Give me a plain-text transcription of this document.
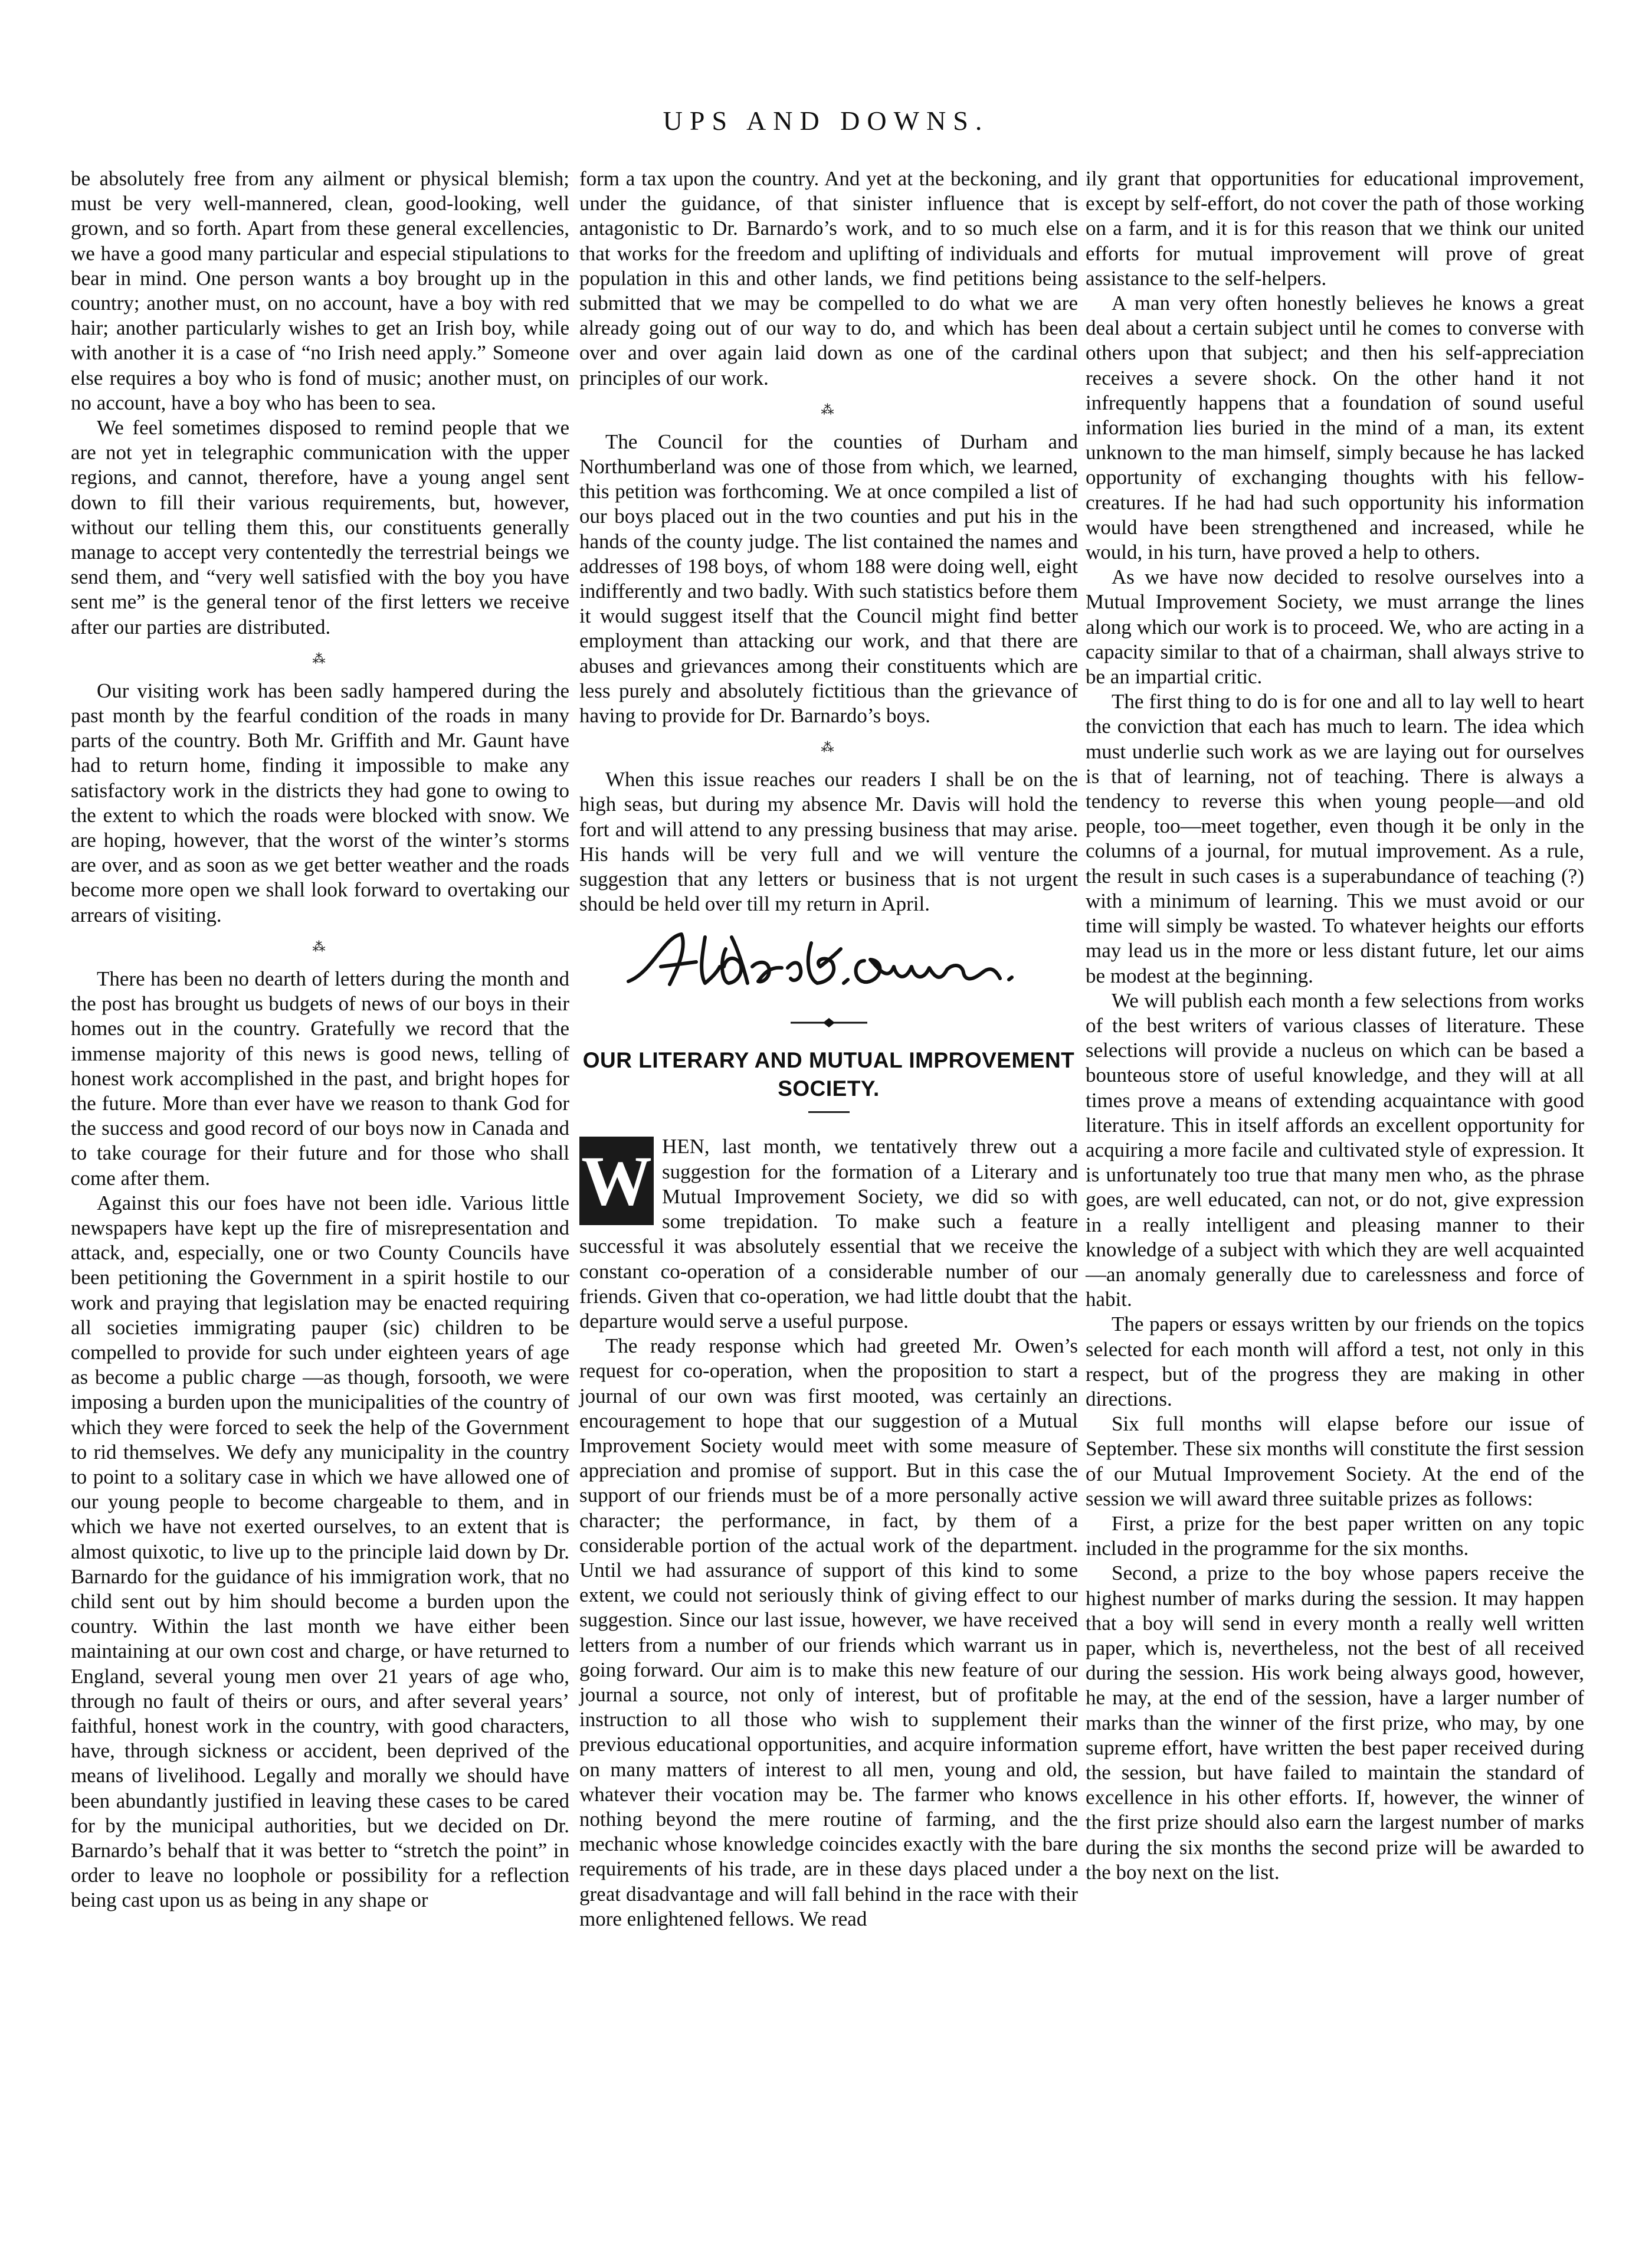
UPS AND DOWNS.

be absolutely free from any ailment or physical blemish; must be very well-mannered, clean, good-looking, well grown, and so forth. Apart from these general excellencies, we have a good many particular and especial stipulations to bear in mind. One person wants a boy brought up in the country; another must, on no account, have a boy with red hair; another particularly wishes to get an Irish boy, while with another it is a case of “no Irish need apply.” Someone else requires a boy who is fond of music; another must, on no account, have a boy who has been to sea.

We feel sometimes disposed to remind people that we are not yet in telegraphic communication with the upper regions, and cannot, therefore, have a young angel sent down to fill their various requirements, but, however, without our telling them this, our constituents generally manage to accept very contentedly the terrestrial beings we send them, and “very well satisfied with the boy you have sent me” is the general tenor of the first letters we receive after our parties are distributed.

⁂

Our visiting work has been sadly hampered during the past month by the fearful condition of the roads in many parts of the country. Both Mr. Griffith and Mr. Gaunt have had to return home, finding it impossible to make any satisfactory work in the districts they had gone to owing to the extent to which the roads were blocked with snow. We are hoping, however, that the worst of the winter’s storms are over, and as soon as we get better weather and the roads become more open we shall look forward to overtaking our arrears of visiting.

⁂

There has been no dearth of letters during the month and the post has brought us budgets of news of our boys in their homes out in the country. Gratefully we record that the immense majority of this news is good news, telling of honest work accomplished in the past, and bright hopes for the future. More than ever have we reason to thank God for the success and good record of our boys now in Canada and to take courage for their future and for those who shall come after them.

Against this our foes have not been idle. Various little newspapers have kept up the fire of misrepresentation and attack, and, especially, one or two County Councils have been petitioning the Government in a spirit hostile to our work and praying that legislation may be enacted requiring all societies immigrating pauper (sic) children to be compelled to provide for such under eighteen years of age as become a public charge —as though, forsooth, we were imposing a burden upon the municipalities of the country of which they were forced to seek the help of the Government to rid themselves. We defy any municipality in the country to point to a solitary case in which we have allowed one of our young people to become chargeable to them, and in which we have not exerted ourselves, to an extent that is almost quixotic, to live up to the principle laid down by Dr. Barnardo for the guidance of his immigration work, that no child sent out by him should become a burden upon the country. Within the last month we have either been maintaining at our own cost and charge, or have returned to England, several young men over 21 years of age who, through no fault of theirs or ours, and after several years’ faithful, honest work in the country, with good characters, have, through sickness or accident, been deprived of the means of livelihood. Legally and morally we should have been abundantly justified in leaving these cases to be cared for by the municipal authorities, but we decided on Dr. Barnardo’s behalf that it was better to “stretch the point” in order to leave no loophole or possibility for a reflection being cast upon us as being in any shape or

form a tax upon the country. And yet at the beckoning, and under the guidance, of that sinister influence that is antagonistic to Dr. Barnardo’s work, and to so much else that works for the freedom and uplifting of individuals and population in this and other lands, we find petitions being submitted that we may be compelled to do what we are already going out of our way to do, and which has been over and over again laid down as one of the cardinal principles of our work.

⁂

The Council for the counties of Durham and Northumberland was one of those from which, we learned, this petition was forthcoming. We at once compiled a list of our boys placed out in the two counties and put his in the hands of the county judge. The list contained the names and addresses of 198 boys, of whom 188 were doing well, eight indifferently and two badly. With such statistics before them it would suggest itself that the Council might find better employment than attacking our work, and that there are abuses and grievances among their constituents which are less purely and absolutely fictitious than the grievance of having to provide for Dr. Barnardo’s boys.

⁂

When this issue reaches our readers I shall be on the high seas, but during my absence Mr. Davis will hold the fort and will attend to any pressing business that may arise. His hands will be very full and we will venture the suggestion that any letters or business that is not urgent should be held over till my return in April.

OUR LITERARY AND MUTUAL IMPROVEMENT SOCIETY.
W HEN, last month, we tentatively threw out a suggestion for the formation of a Literary and Mutual Improvement Society, we did so with some trepidation. To make such a feature successful it was absolutely essential that we receive the constant co-operation of a considerable number of our friends. Given that co-operation, we had little doubt that the departure would serve a useful purpose.

The ready response which had greeted Mr. Owen’s request for co-operation, when the proposition to start a journal of our own was first mooted, was certainly an encouragement to hope that our suggestion of a Mutual Improvement Society would meet with some measure of appreciation and promise of support. But in this case the support of our friends must be of a more personally active character; the performance, in fact, by them of a considerable portion of the actual work of the department. Until we had assurance of support of this kind to some extent, we could not seriously think of giving effect to our suggestion. Since our last issue, however, we have received letters from a number of our friends which warrant us in going forward. Our aim is to make this new feature of our journal a source, not only of interest, but of profitable instruction to all those who wish to supplement their previous educational opportunities, and acquire information on many matters of interest to all men, young and old, whatever their vocation may be. The farmer who knows nothing beyond the mere routine of farming, and the mechanic whose knowledge coincides exactly with the bare requirements of his trade, are in these days placed under a great disadvantage and will fall behind in the race with their more enlightened fellows. We read

ily grant that opportunities for educational improvement, except by self-effort, do not cover the path of those working on a farm, and it is for this reason that we think our united efforts for mutual improvement will prove of great assistance to the self-helpers.

A man very often honestly believes he knows a great deal about a certain subject until he comes to converse with others upon that subject; and then his self-appreciation receives a severe shock. On the other hand it not infrequently happens that a foundation of sound useful information lies buried in the mind of a man, its extent unknown to the man himself, simply because he has lacked opportunity of exchanging thoughts with his fellow-creatures. If he had had such opportunity his information would have been strengthened and increased, while he would, in his turn, have proved a help to others.

As we have now decided to resolve ourselves into a Mutual Improvement Society, we must arrange the lines along which our work is to proceed. We, who are acting in a capacity similar to that of a chairman, shall always strive to be an impartial critic.

The first thing to do is for one and all to lay well to heart the conviction that each has much to learn. The idea which must underlie such work as we are laying out for ourselves is that of learning, not of teaching. There is always a tendency to reverse this when young people—and old people, too—meet together, even though it be only in the columns of a journal, for mutual improvement. As a rule, the result in such cases is a superabundance of teaching (?) with a minimum of learning. This we must avoid or our time will simply be wasted. To whatever heights our efforts may lead us in the more or less distant future, let our aims be modest at the beginning.

We will publish each month a few selections from works of the best writers of various classes of literature. These selections will provide a nucleus on which can be based a bounteous store of useful knowledge, and they will at all times prove a means of extending acquaintance with good literature. This in itself affords an excellent opportunity for acquiring a more facile and cultivated style of expression. It is unfortunately too true that many men who, as the phrase goes, are well educated, can not, or do not, give expression in a really intelligent and pleasing manner to their knowledge of a subject with which they are well acquainted—an anomaly generally due to carelessness and force of habit.

The papers or essays written by our friends on the topics selected for each month will afford a test, not only in this respect, but of the progress they are making in other directions.

Six full months will elapse before our issue of September. These six months will constitute the first session of our Mutual Improvement Society. At the end of the session we will award three suitable prizes as follows:

First, a prize for the best paper written on any topic included in the programme for the six months.

Second, a prize to the boy whose papers receive the highest number of marks during the session. It may happen that a boy will send in every month a really well written paper, which is, nevertheless, not the best of all received during the session. His work being always good, however, he may, at the end of the session, have a larger number of marks than the winner of the first prize, who may, by one supreme effort, have written the best paper received during the session, but have failed to maintain the standard of excellence in his other efforts. If, however, the winner of the first prize should also earn the largest number of marks during the six months the second prize will be awarded to the boy next on the list.
